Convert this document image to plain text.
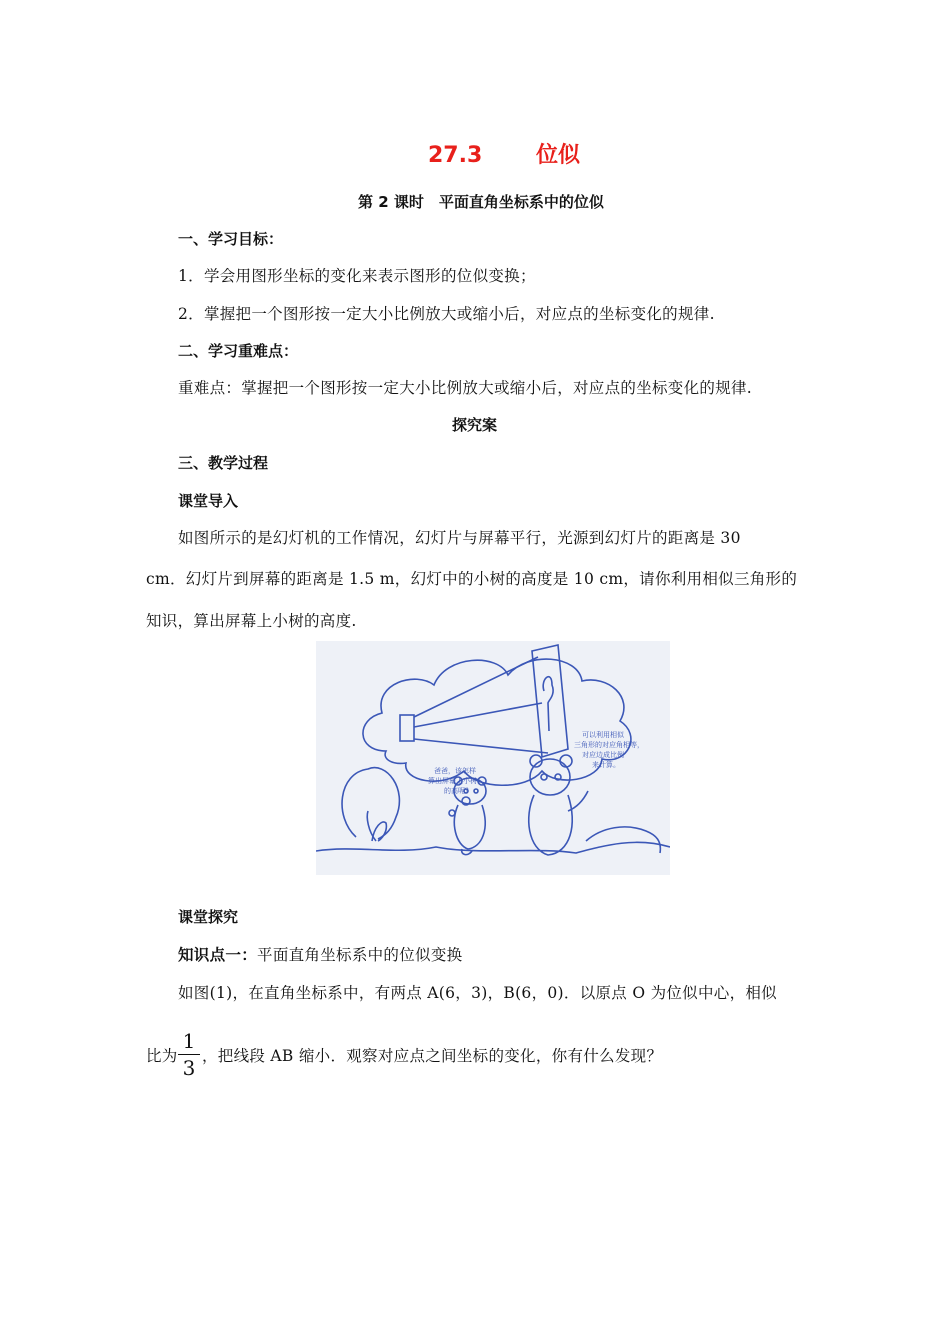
27.3 位似
第 2 课时　平面直角坐标系中的位似
一、学习目标：
1．学会用图形坐标的变化来表示图形的位似变换；
2．掌握把一个图形按一定大小比例放大或缩小后，对应点的坐标变化的规律.
二、学习重难点：
重难点：掌握把一个图形按一定大小比例放大或缩小后，对应点的坐标变化的规律.
探究案
三、教学过程
课堂导入
如图所示的是幻灯机的工作情况，幻灯片与屏幕平行，光源到幻灯片的距离是 30
cm．幻灯片到屏幕的距离是 1.5 m，幻灯中的小树的高度是 10 cm，请你利用相似三角形的
知识，算出屏幕上小树的高度.
爸爸，该怎样
算出屏幕上小树
的高呢？
可以利用相似
三角形的对应角相等，
对应边成比例
来计算。
课堂探究
知识点一：平面直角坐标系中的位似变换
如图(1)，在直角坐标系中，有两点 A(6，3)，B(6，0)．以原点 O 为位似中心，相似
比为 $\frac{1}{3}$ ，把线段 AB 缩小．观察对应点之间坐标的变化，你有什么发现？
